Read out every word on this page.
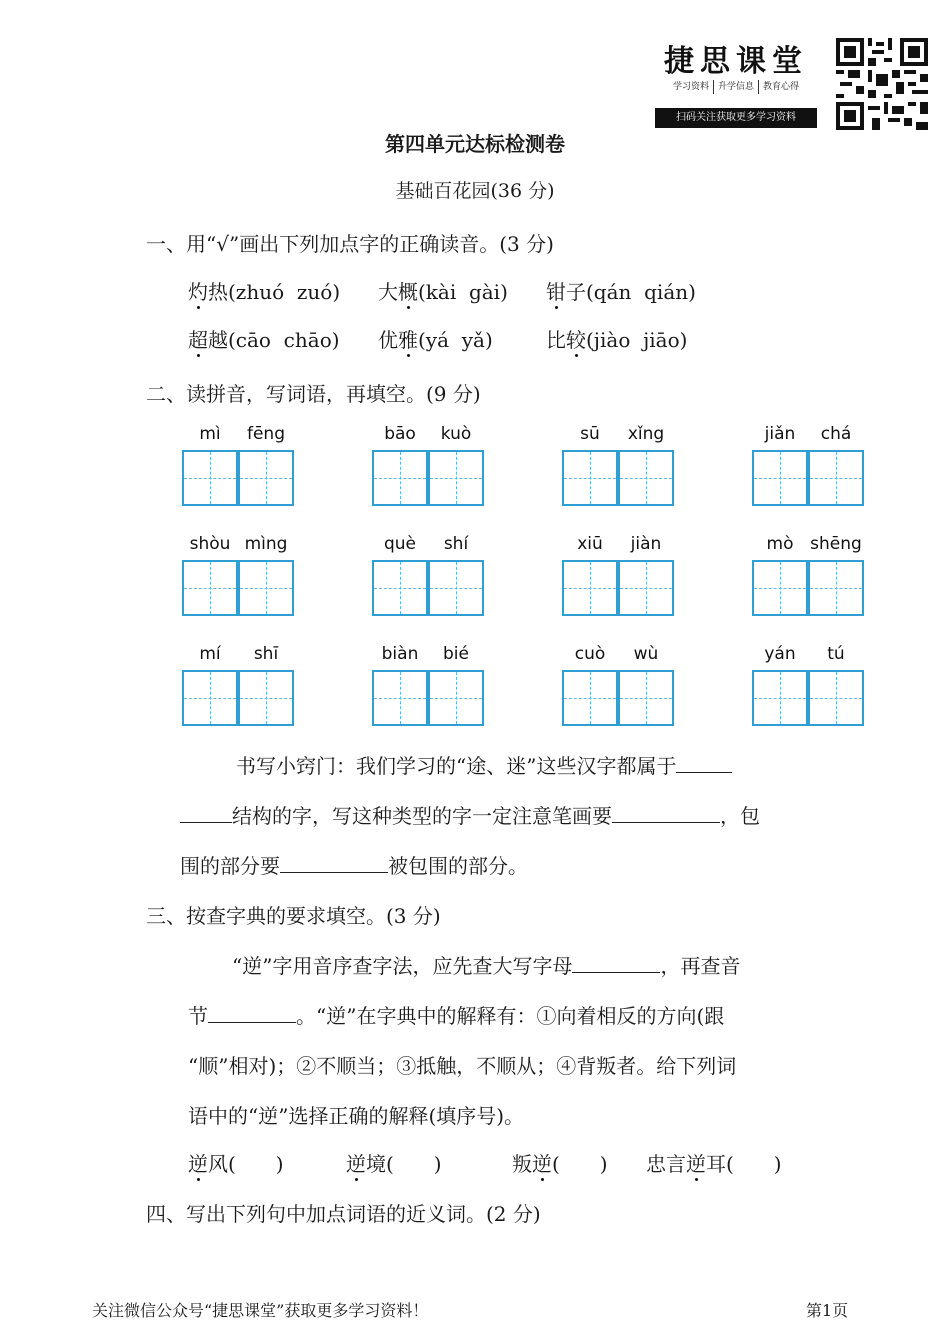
捷思课堂
学习资料	升学信息	教育心得
扫码关注获取更多学习资料
第四单元达标检测卷
基础百花园(36 分)
一、用“√”画出下列加点字的正确读音。(3 分)
灼热(zhuó  zuó) 大概(kài  gài) 钳子(qán  qián)
超越(cāo  chāo) 优雅(yá  yǎ)	比较(jiào  jiāo)
二、读拼音，写词语，再填空。(9 分)
mì	fēng	bāo	kuò	sū	xǐng	jiǎn	chá
shòu mìng	què	shí	xiū	jiàn	mò shēng
mí	shī	biàn	bié	cuò	wù	yán	tú
书写小窍门：我们学习的“途、迷”这些汉字都属于
结构的字，写这种类型的字一定注意笔画要	，包
围的部分要	被包围的部分。
三、按查字典的要求填空。(3 分)
“逆”字用音序查字法，应先查大写字母	，再查音
节	。“逆”在字典中的解释有：①向着相反的方向(跟
“顺”相对)；②不顺当；③抵触，不顺从；④背叛者。给下列词
语中的“逆”选择正确的解释(填序号)。
逆风(　　)	逆境(　　)	叛逆(　　) 忠言逆耳(　　)
四、写出下列句中加点词语的近义词。(2 分)
关注微信公众号“捷思课堂”获取更多学习资料！	第1页
